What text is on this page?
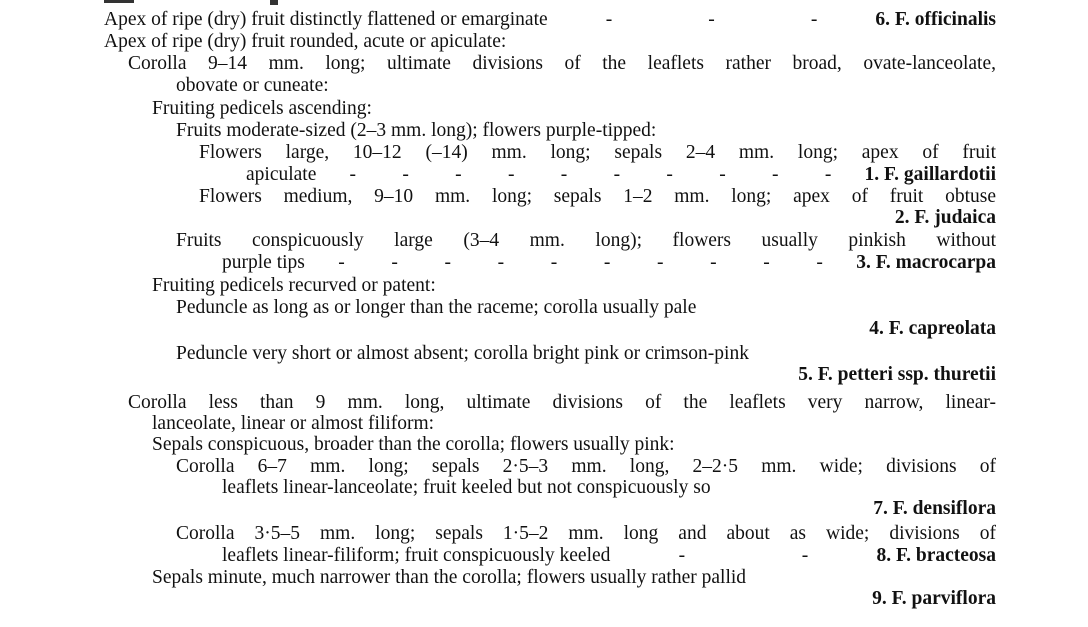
Apex of ripe (dry) fruit distinctly flattened or emarginate	-	-	-	6. F. officinalis
Apex of ripe (dry) fruit rounded, acute or apiculate:
Corolla 9–14 mm. long; ultimate divisions of the leaflets rather broad, ovate-lanceolate,
obovate or cuneate:
Fruiting pedicels ascending:
Fruits moderate-sized (2–3 mm. long); flowers purple-tipped:
Flowers large, 10–12 (–14) mm. long; sepals 2–4 mm. long; apex of fruit
apiculate - - - - - - - - - - 1. F. gaillardotii
Flowers medium, 9–10 mm. long; sepals 1–2 mm. long; apex of fruit obtuse
2. F. judaica
Fruits conspicuously large (3–4 mm. long); flowers usually pinkish without
purple tips - - - - - - - - - - 3. F. macrocarpa
Fruiting pedicels recurved or patent:
Peduncle as long as or longer than the raceme; corolla usually pale
4. F. capreolata
Peduncle very short or almost absent; corolla bright pink or crimson-pink
5. F. petteri ssp. thuretii
Corolla less than 9 mm. long, ultimate divisions of the leaflets very narrow, linear-
lanceolate, linear or almost filiform:
Sepals conspicuous, broader than the corolla; flowers usually pink:
Corolla 6–7 mm. long; sepals 2·5–3 mm. long, 2–2·5 mm. wide; divisions of
leaflets linear-lanceolate; fruit keeled but not conspicuously so
7. F. densiflora
Corolla 3·5–5 mm. long; sepals 1·5–2 mm. long and about as wide; divisions of
leaflets linear-filiform; fruit conspicuously keeled	-	-	8. F. bracteosa
Sepals minute, much narrower than the corolla; flowers usually rather pallid
9. F. parviflora
